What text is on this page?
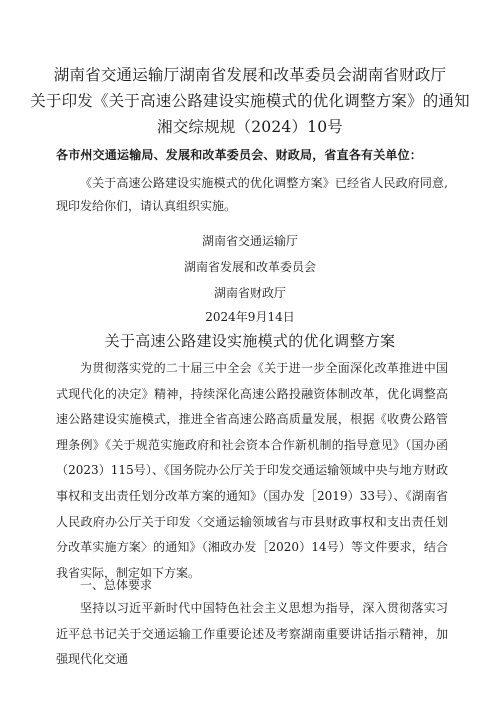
湖南省交通运输厅湖南省发展和改革委员会湖南省财政厅
关于印发《关于高速公路建设实施模式的优化调整方案》的通知
湘交综规规（2024）10号
各市州交通运输局、发展和改革委员会、财政局，省直各有关单位：
《关于高速公路建设实施模式的优化调整方案》已经省人民政府同意,现印发给你们，请认真组织实施。
湖南省交通运输厅
湖南省发展和改革委员会
湖南省财政厅
2024年9月14日
关于高速公路建设实施模式的优化调整方案
为贯彻落实党的二十届三中全会《关于进一步全面深化改革推进中国式现代化的决定》精神，持续深化高速公路投融资体制改革，优化调整高速公路建设实施模式，推进全省高速公路高质量发展，根据《收费公路管理条例》《关于规范实施政府和社会资本合作新机制的指导意见》（国办函（2023）115号）、《国务院办公厅关于印发交通运输领域中央与地方财政事权和支出责任划分改革方案的通知》（国办发［2019）33号）、《湖南省人民政府办公厅关于印发〈交通运输领域省与市县财政事权和支出责任划分改革实施方案〉的通知》（湘政办发［2020）14号）等文件要求，结合我省实际，制定如下方案。
一、总体要求
坚持以习近平新时代中国特色社会主义思想为指导，深入贯彻落实习近平总书记关于交通运输工作重要论述及考察湖南重要讲话指示精神，加强现代化交通
